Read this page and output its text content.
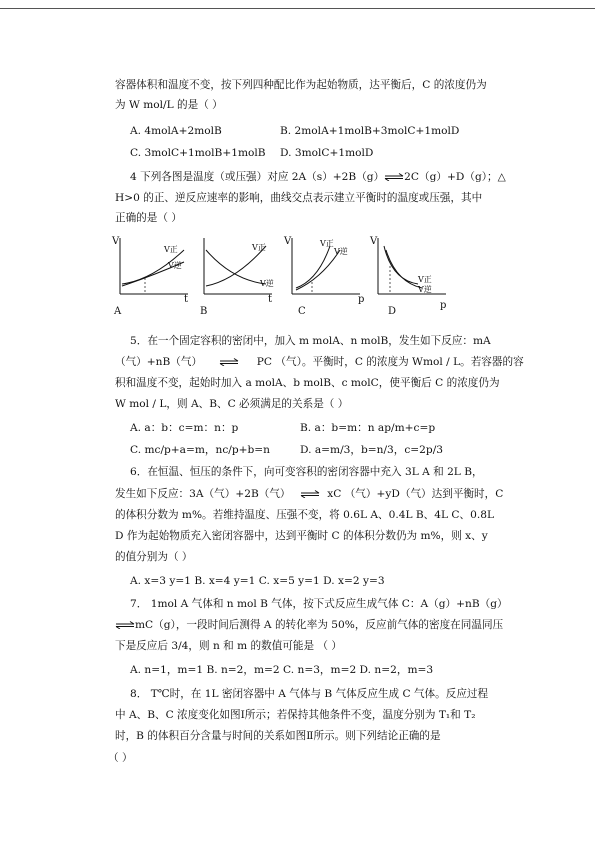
容器体积和温度不变，按下列四种配比作为起始物质，达平衡后，C 的浓度仍为
为 W mol/L 的是（ ）
A. 4molA+2molB	B. 2molA+1molB+3molC+1molD
C. 3molC+1molB+1molB D. 3molC+1molD
4 下列各图是温度（或压强）对应 2A（s）+2B（g）⇌2C（g）+D（g）；△
H>0 的正、逆反应速率的影响，曲线交点表示建立平衡时的温度或压强，其中
正确的是（ ）
V
V正
V逆
t
A
V正
V逆
t
B
V	V正
V逆
p
C
V
V正
V逆
p
D
5．在一个固定容积的密闭中，加入 m molA、n molB，发生如下反应：mA
（气）+nB（气）	PC （气）。平衡时，C 的浓度为 Wmol / L。若容器的容
积和温度不变，起始时加入 a molA、b molB、c molC，使平衡后 C 的浓度仍为
W mol / L，则 A、B、C 必须满足的关系是（ ）
A. a：b：c=m：n：p	B. a：b=m：n ap/m+c=p
C. mc/p+a=m，nc/p+b=n	D. a=m/3，b=n/3，c=2p/3
6．在恒温、恒压的条件下，向可变容积的密闭容器中充入 3L A 和 2L B，
发生如下反应：3A（气）+2B（气） ⇌ xC （气）+yD（气）达到平衡时，C
的体积分数为 m%。若维持温度、压强不变，将 0.6L A、0.4L B、4L C、0.8L
D 作为起始物质充入密闭容器中，达到平衡时 C 的体积分数仍为 m%，则 x、y
的值分别为（ ）
A. x=3 y=1 B. x=4 y=1 C. x=5 y=1 D. x=2 y=3
7． 1mol A 气体和 n mol B 气体，按下式反应生成气体 C：A（g）+nB（g）
⇌mC（g），一段时间后测得 A 的转化率为 50%，反应前气体的密度在同温同压
下是反应后 3/4，则 n 和 m 的数值可能是 （ ）
A. n=1，m=1 B. n=2，m=2 C. n=3，m=2 D. n=2，m=3
8． T℃时，在 1L 密闭容器中 A 气体与 B 气体反应生成 C 气体。反应过程
中 A、B、C 浓度变化如图Ⅰ所示；若保持其他条件不变，温度分别为 T₁和 T₂
时，B 的体积百分含量与时间的关系如图Ⅱ所示。则下列结论正确的是
（ ）
